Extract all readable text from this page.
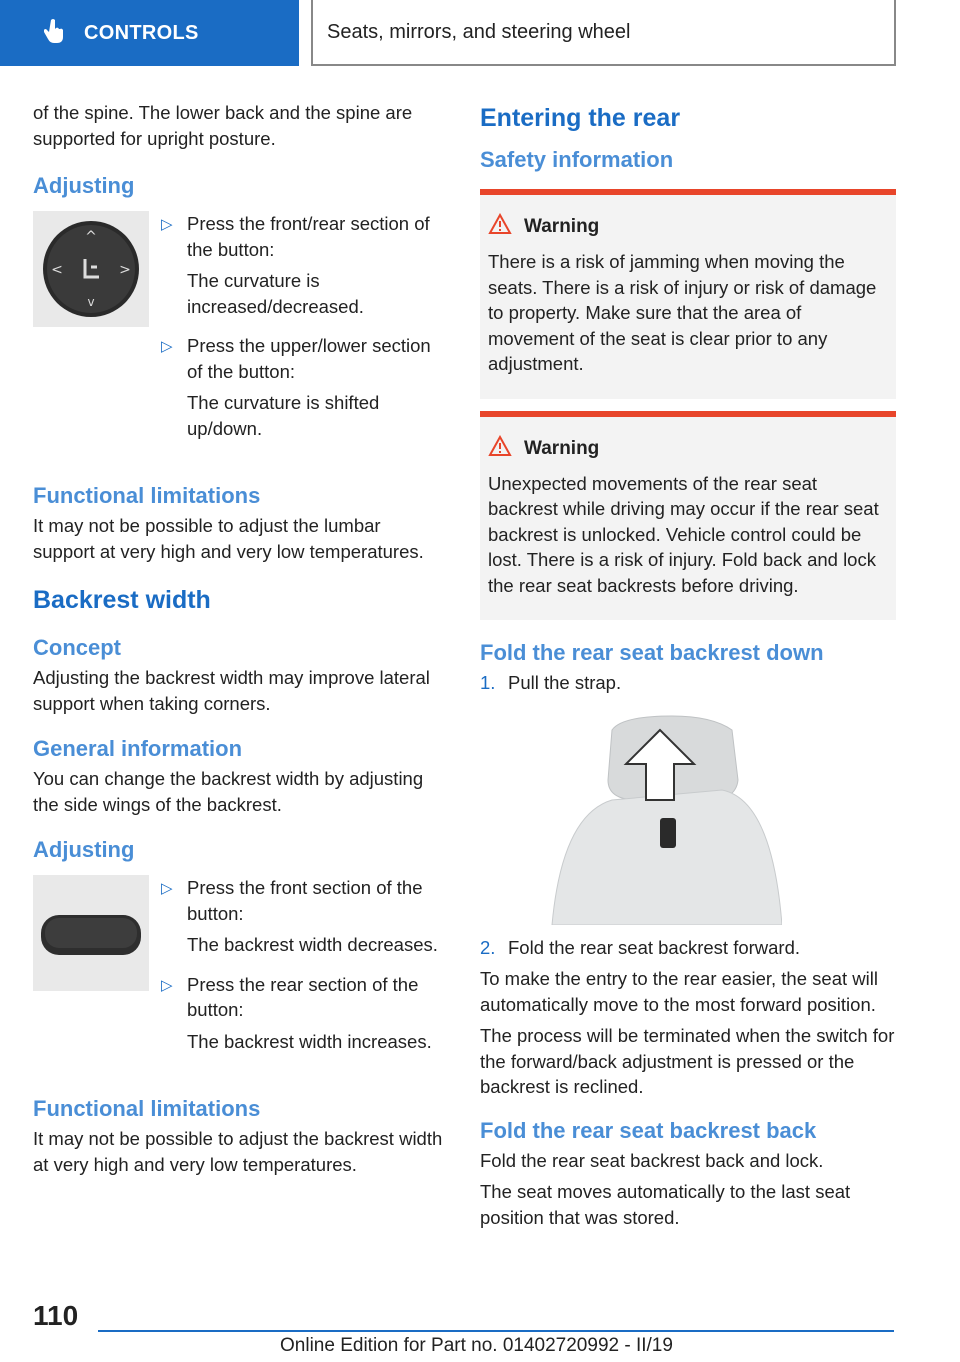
CONTROLS	Seats, mirrors, and steering wheel

of the spine. The lower back and the spine are supported for upright posture.

Adjusting
^
v
<	>
▷ Press the front/rear section of the button:

The curvature is increased/decreased.

▷ Press the upper/lower section of the button:

The curvature is shifted up/down.

Functional limitations

It may not be possible to adjust the lumbar support at very high and very low temperatures.

Backrest width
Concept

Adjusting the backrest width may improve lateral support when taking corners.

General information

You can change the backrest width by adjusting the side wings of the backrest.

Adjusting
▷ Press the front section of the button:

The backrest width decreases.

▷ Press the rear section of the button:

The backrest width increases.

Functional limitations

It may not be possible to adjust the backrest width at very high and very low temperatures.

Entering the rear
Safety information
Warning

There is a risk of jamming when moving the seats. There is a risk of injury or risk of damage to property. Make sure that the area of movement of the seat is clear prior to any adjustment.

Warning

Unexpected movements of the rear seat backrest while driving may occur if the rear seat backrest is unlocked. Vehicle control could be lost. There is a risk of injury. Fold back and lock the rear seat backrests before driving.

Fold the rear seat backrest down
1. Pull the strap.
2. Fold the rear seat backrest forward.

To make the entry to the rear easier, the seat will automatically move to the most forward position.

The process will be terminated when the switch for the forward/back adjustment is pressed or the backrest is reclined.

Fold the rear seat backrest back

Fold the rear seat backrest back and lock.

The seat moves automatically to the last seat position that was stored.

110
Online Edition for Part no. 01402720992 - II/19
